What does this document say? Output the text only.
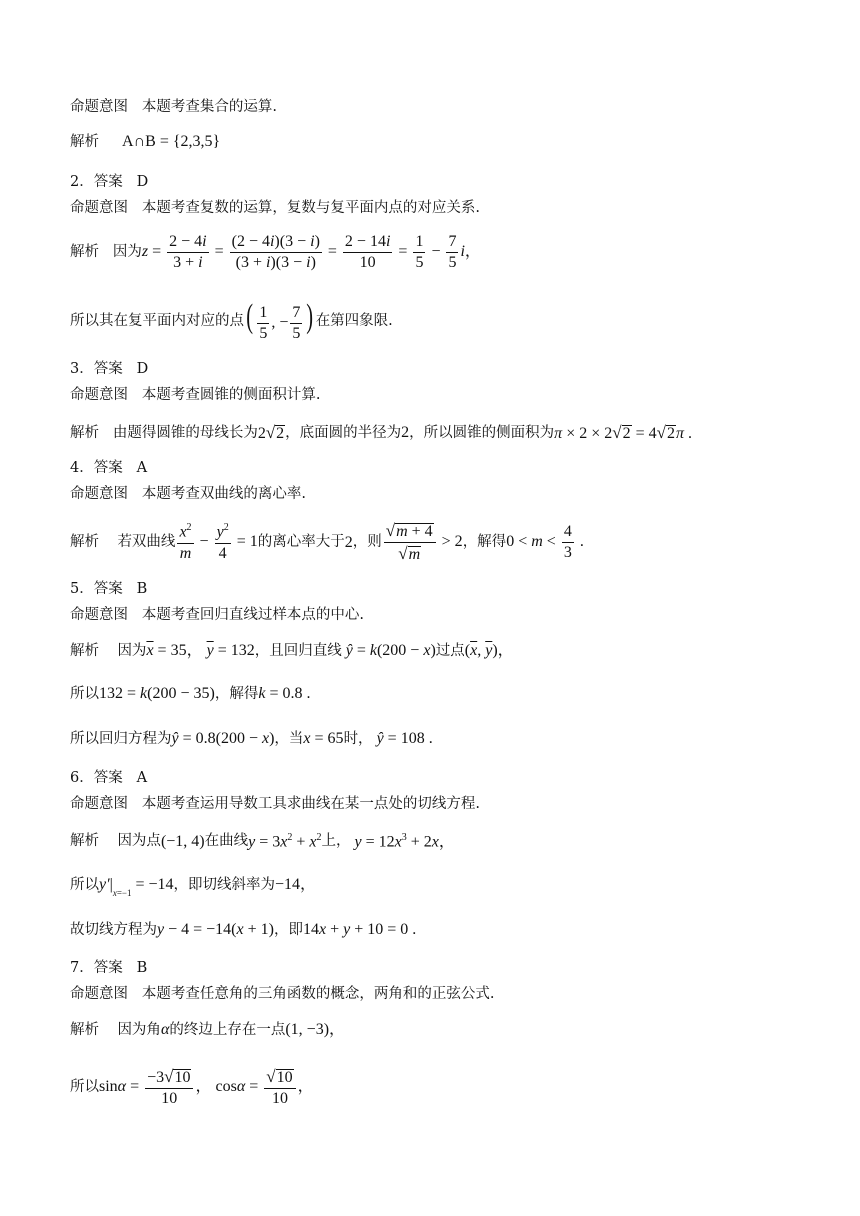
命题意图
本题考查集合的运算.
解析
A∩B = {2,3,5}
2．答案
D
命题意图
本题考查复数的运算，复数与复平面内点的对应关系.
解析
因为 $z = \frac{2 - 4i}{3 + i} = \frac{(2 - 4i)(3 - i)}{(3 + i)(3 - i)} = \frac{2 - 14i}{10} = \frac{1}{5} - \frac{7}{5}$ i，
所以其在复平面内对应的点 ( $\frac{1}{5}$ , − $\frac{7}{5}$ ) 在第四象限.
3．答案
D
命题意图
本题考查圆锥的侧面积计算.
解析
由题得圆锥的母线长为 2 √ 2 ，底面圆的半径为 2 ，所以圆锥的侧面积为 π × 2 × 2 √ 2 = 4 √ 2 π .
4．答案
A
命题意图
本题考查双曲线的离心率.
解析
若双曲线 $\frac{x^2}{m} - \frac{y^2}{4} = 1$ 的离心率大于 2 ，则 $\frac{√ m + 4}{√ m} > 2$ ，解得 $0 < m < \frac{4}{3}$ .
5．答案
B
命题意图
本题考查回归直线过样本点的中心.
解析
因为 $\overline{x} = 35$， $\overline{y} = 132$ ，且回归直线 ŷ = k(200 − x) 过点 ($\overline{x}$, $\overline{y}$)，
所以 132 = k(200 − 35) ，解得 k = 0.8 .
所以回归方程为 ŷ = 0.8(200 − x) ，当 x = 65 时， ŷ = 108 .
6．答案
A
命题意图
本题考查运用导数工具求曲线在某一点处的切线方程.
解析
因为点 (−1, 4) 在曲线 $y = 3x^2 + x^2$ 上， $y = 12x^3 + 2x$，
所以 $y'|_{x=-1} = -14$ ，即切线斜率为 −14，
故切线方程为 y − 4 = −14(x + 1) ，即 14x + y + 10 = 0 .
7．答案
B
命题意图
本题考查任意角的三角函数的概念，两角和的正弦公式.
解析
因为角 α 的终边上存在一点 (1, −3)，
所以 $\sin\alpha = \frac{-3 √ 10}{10}$ ， $\cos\alpha = \frac{√ 10}{10}$ ，
